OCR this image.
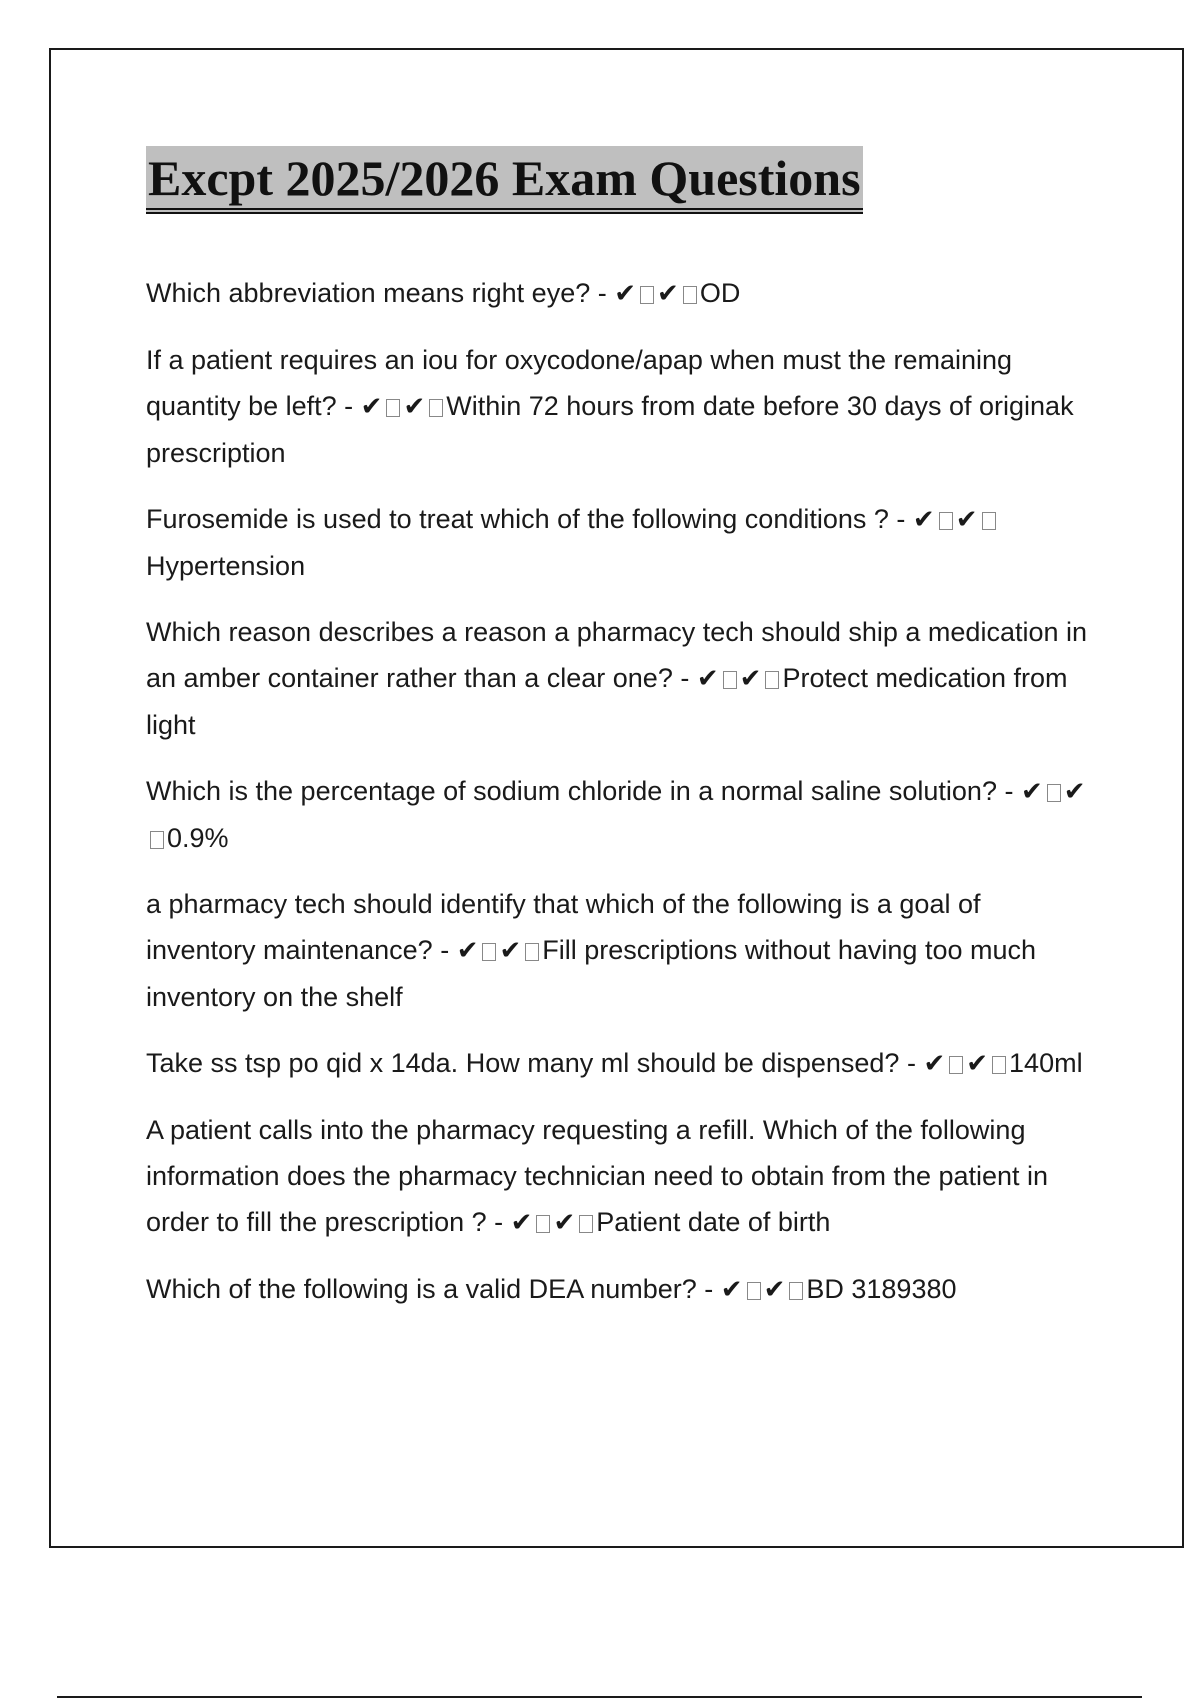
Excpt 2025/2026 Exam Questions

Which abbreviation means right eye? - ✔ ✔ OD

If a patient requires an iou for oxycodone/apap when must the remaining quantity be left? - ✔ ✔ Within 72 hours from date before 30 days of originak prescription

Furosemide is used to treat which of the following conditions ? - ✔ ✔Hypertension

Which reason describes a reason a pharmacy tech should ship a medication in an amber container rather than a clear one? - ✔ ✔ Protect medication from light

Which is the percentage of sodium chloride in a normal saline solution? - ✔ ✔0.9%

a pharmacy tech should identify that which of the following is a goal of inventory maintenance? - ✔ ✔ Fill prescriptions without having too much inventory on the shelf

Take ss tsp po qid x 14da. How many ml should be dispensed? - ✔ ✔ 140ml

A patient calls into the pharmacy requesting a refill. Which of the following information does the pharmacy technician need to obtain from the patient in order to fill the prescription ? - ✔ ✔ Patient date of birth

Which of the following is a valid DEA number? - ✔ ✔ BD 3189380
